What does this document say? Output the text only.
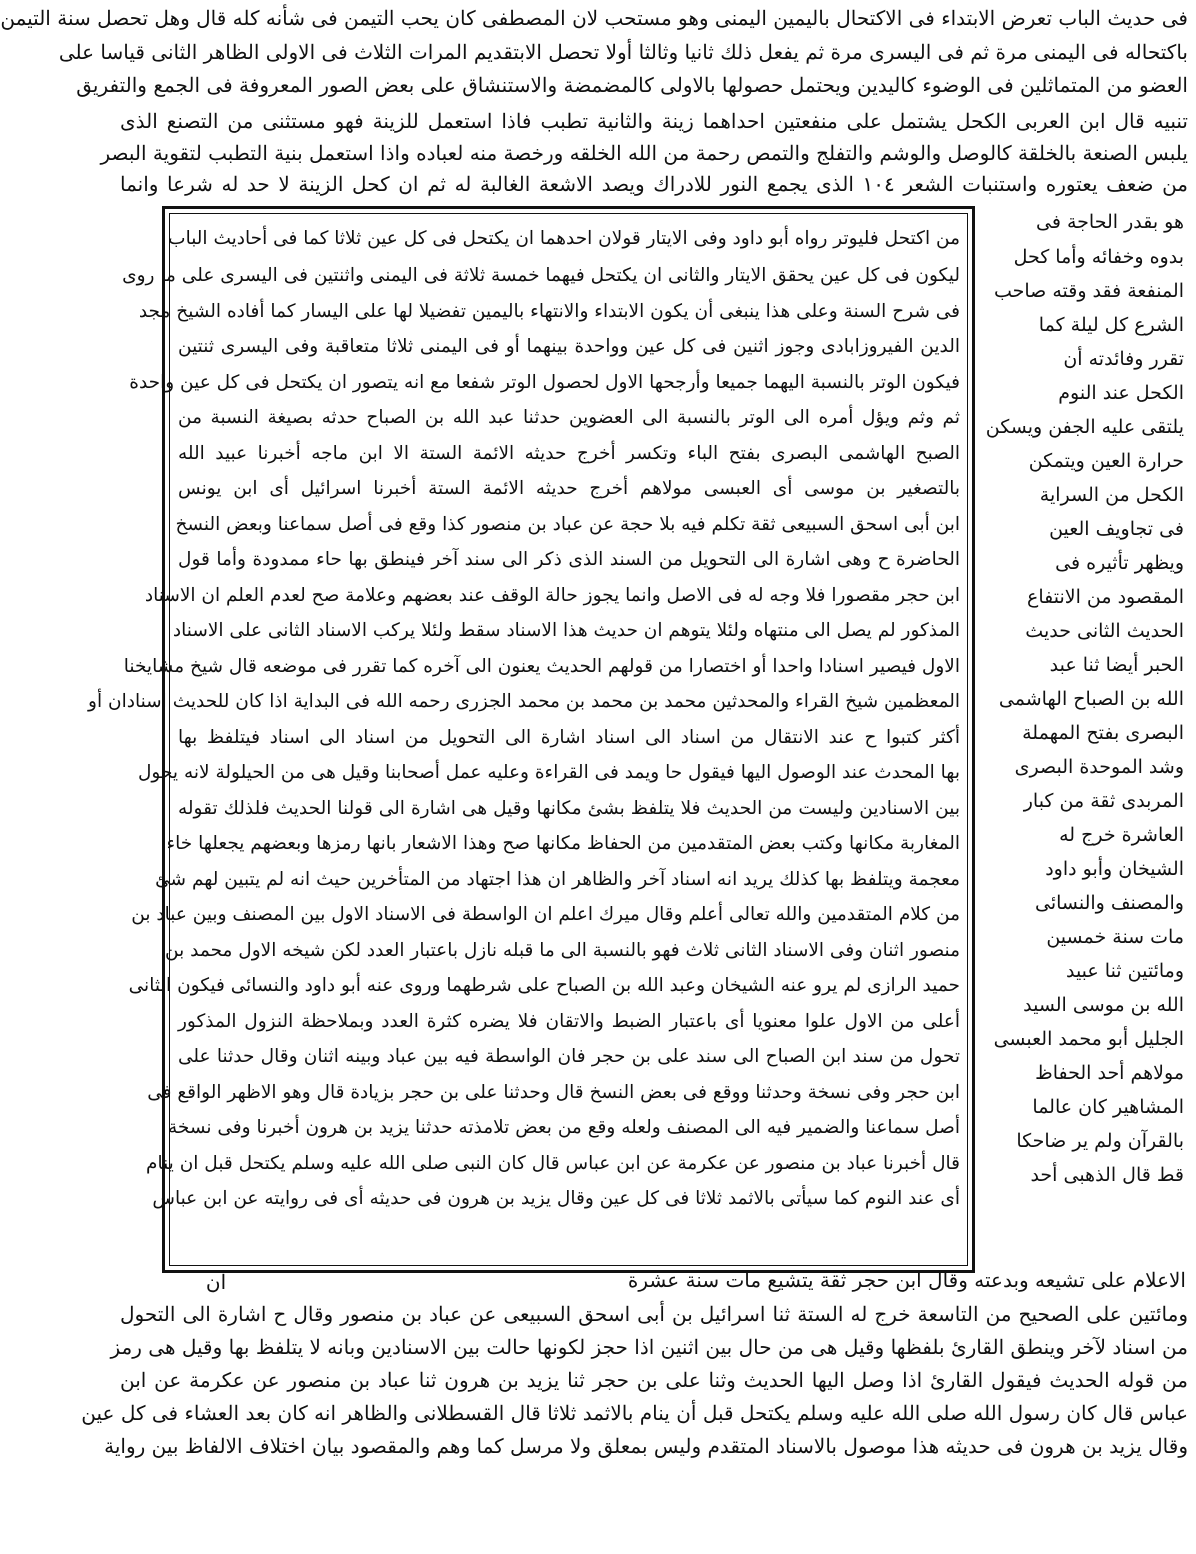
فى حديث الباب تعرض الابتداء فى الاكتحال باليمين اليمنى وهو مستحب لان المصطفى كان يحب التيمن فى شأنه كله قال وهل تحصل سنة التيمن
باكتحاله فى اليمنى مرة ثم فى اليسرى مرة ثم يفعل ذلك ثانيا وثالثا أولا تحصل الابتقديم المرات الثلاث فى الاولى الظاهر الثانى قياسا على
العضو من المتماثلين فى الوضوء كاليدين ويحتمل حصولها بالاولى كالمضمضة والاستنشاق على بعض الصور المعروفة فى الجمع والتفريق
تنبيه قال ابن العربى الكحل يشتمل على منفعتين احداهما زينة والثانية تطبب فاذا استعمل للزينة فهو مستثنى من التصنع الذى
يلبس الصنعة بالخلقة كالوصل والوشم والتفلج والتمص رحمة من الله الخلقه ورخصة منه لعباده واذا استعمل بنية التطبب لتقوية البصر
من ضعف يعتوره واستنبات الشعر ١٠٤ الذى يجمع النور للادراك ويصد الاشعة الغالبة له ثم ان كحل الزينة لا حد له شرعا وانما
من اكتحل فليوتر رواه أبو داود وفى الايتار قولان احدهما ان يكتحل فى كل عين ثلاثا كما فى أحاديث الباب
ليكون فى كل عين يحقق الايتار والثانى ان يكتحل فيهما خمسة ثلاثة فى اليمنى واثنتين فى اليسرى على ما روى
فى شرح السنة وعلى هذا ينبغى أن يكون الابتداء والانتهاء باليمين تفضيلا لها على اليسار كما أفاده الشيخ مجد
الدين الفيروزابادى وجوز اثنين فى كل عين وواحدة بينهما أو فى اليمنى ثلاثا متعاقبة وفى اليسرى ثنتين
فيكون الوتر بالنسبة اليهما جميعا وأرجحها الاول لحصول الوتر شفعا مع انه يتصور ان يكتحل فى كل عين واحدة
ثم وثم ويؤل أمره الى الوتر بالنسبة الى العضوين حدثنا عبد الله بن الصباح حدثه بصيغة النسبة من
الصبح الهاشمى البصرى بفتح الباء وتكسر أخرج حديثه الائمة الستة الا ابن ماجه أخبرنا عبيد الله
بالتصغير بن موسى أى العبسى مولاهم أخرج حديثه الائمة الستة أخبرنا اسرائيل أى ابن يونس
ابن أبى اسحق السبيعى ثقة تكلم فيه بلا حجة عن عباد بن منصور كذا وقع فى أصل سماعنا وبعض النسخ
الحاضرة ح وهى اشارة الى التحويل من السند الذى ذكر الى سند آخر فينطق بها حاء ممدودة وأما قول
ابن حجر مقصورا فلا وجه له فى الاصل وانما يجوز حالة الوقف عند بعضهم وعلامة صح لعدم العلم ان الاسناد
المذكور لم يصل الى منتهاه ولئلا يتوهم ان حديث هذا الاسناد سقط ولئلا يركب الاسناد الثانى على الاسناد
الاول فيصير اسنادا واحدا أو اختصارا من قولهم الحديث يعنون الى آخره كما تقرر فى موضعه قال شيخ مشايخنا
المعظمين شيخ القراء والمحدثين محمد بن محمد بن محمد الجزرى رحمه الله فى البداية اذا كان للحديث اسنادان أو
أكثر كتبوا ح عند الانتقال من اسناد الى اسناد اشارة الى التحويل من اسناد الى اسناد فيتلفظ بها
بها المحدث عند الوصول اليها فيقول حا ويمد فى القراءة وعليه عمل أصحابنا وقيل هى من الحيلولة لانه يحول
بين الاسنادين وليست من الحديث فلا يتلفظ بشئ مكانها وقيل هى اشارة الى قولنا الحديث فلذلك تقوله
المغاربة مكانها وكتب بعض المتقدمين من الحفاظ مكانها صح وهذا الاشعار بانها رمزها وبعضهم يجعلها خاء
معجمة ويتلفظ بها كذلك يريد انه اسناد آخر والظاهر ان هذا اجتهاد من المتأخرين حيث انه لم يتبين لهم شئ
من كلام المتقدمين والله تعالى أعلم وقال ميرك اعلم ان الواسطة فى الاسناد الاول بين المصنف وبين عباد بن
منصور اثنان وفى الاسناد الثانى ثلاث فهو بالنسبة الى ما قبله نازل باعتبار العدد لكن شيخه الاول محمد بن
حميد الرازى لم يرو عنه الشيخان وعبد الله بن الصباح على شرطهما وروى عنه أبو داود والنسائى فيكون الثانى
أعلى من الاول علوا معنويا أى باعتبار الضبط والاتقان فلا يضره كثرة العدد وبملاحظة النزول المذكور
تحول من سند ابن الصباح الى سند على بن حجر فان الواسطة فيه بين عباد وبينه اثنان وقال حدثنا على
ابن حجر وفى نسخة وحدثنا ووقع فى بعض النسخ قال وحدثنا على بن حجر بزيادة قال وهو الاظهر الواقع فى
أصل سماعنا والضمير فيه الى المصنف ولعله وقع من بعض تلامذته حدثنا يزيد بن هرون أخبرنا وفى نسخة
قال أخبرنا عباد بن منصور عن عكرمة عن ابن عباس قال كان النبى صلى الله عليه وسلم يكتحل قبل ان ينام
أى عند النوم كما سيأتى بالاثمد ثلاثا فى كل عين وقال يزيد بن هرون فى حديثه أى فى روايته عن ابن عباس
هو بقدر الحاجة فى
بدوه وخفائه وأما كحل
المنفعة فقد وقته صاحب
الشرع كل ليلة كما
تقرر وفائدته أن
الكحل عند النوم
يلتقى عليه الجفن ويسكن
حرارة العين ويتمكن
الكحل من السراية
فى تجاويف العين
ويظهر تأثيره فى
المقصود من الانتفاع
الحديث الثانى حديث
الحبر أيضا ثنا عبد
الله بن الصباح الهاشمى
البصرى بفتح المهملة
وشد الموحدة البصرى
المربدى ثقة من كبار
العاشرة خرج له
الشيخان وأبو داود
والمصنف والنسائى
مات سنة خمسين
ومائتين ثنا عبيد
الله بن موسى السيد
الجليل أبو محمد العبسى
مولاهم أحد الحفاظ
المشاهير كان عالما
بالقرآن ولم ير ضاحكا
قط قال الذهبى أحد
الاعلام على تشيعه وبدعته وقال ابن حجر ثقة يتشيع مات سنة عشرة
ان
ومائتين على الصحيح من التاسعة خرج له الستة ثنا اسرائيل بن أبى اسحق السبيعى عن عباد بن منصور وقال ح اشارة الى التحول
من اسناد لآخر وينطق القارئ بلفظها وقيل هى من حال بين اثنين اذا حجز لكونها حالت بين الاسنادين وبانه لا يتلفظ بها وقيل هى رمز
من قوله الحديث فيقول القارئ اذا وصل اليها الحديث وثنا على بن حجر ثنا يزيد بن هرون ثنا عباد بن منصور عن عكرمة عن ابن
عباس قال كان رسول الله صلى الله عليه وسلم يكتحل قبل أن ينام بالاثمد ثلاثا قال القسطلانى والظاهر انه كان بعد العشاء فى كل عين
وقال يزيد بن هرون فى حديثه هذا موصول بالاسناد المتقدم وليس بمعلق ولا مرسل كما وهم والمقصود بيان اختلاف الالفاظ بين رواية
